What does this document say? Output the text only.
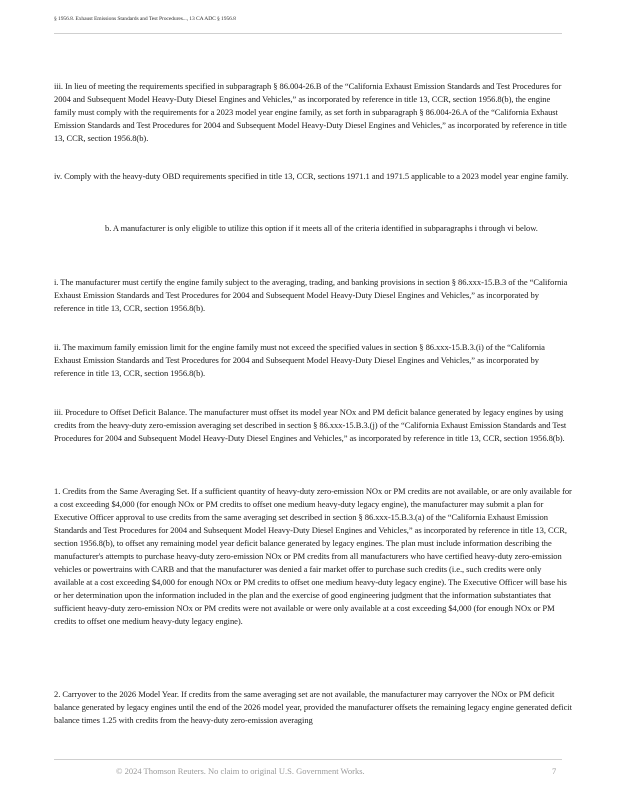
§ 1956.8. Exhaust Emissions Standards and Test Procedures..., 13 CA ADC § 1956.8

iii. In lieu of meeting the requirements specified in subparagraph § 86.004-26.B of the “California Exhaust Emission Standards and Test Procedures for 2004 and Subsequent Model Heavy-Duty Diesel Engines and Vehicles,” as incorporated by reference in title 13, CCR, section 1956.8(b), the engine family must comply with the requirements for a 2023 model year engine family, as set forth in subparagraph § 86.004-26.A of the “California Exhaust Emission Standards and Test Procedures for 2004 and Subsequent Model Heavy-Duty Diesel Engines and Vehicles,” as incorporated by reference in title 13, CCR, section 1956.8(b).

iv. Comply with the heavy-duty OBD requirements specified in title 13, CCR, sections 1971.1 and 1971.5 applicable to a 2023 model year engine family.

b. A manufacturer is only eligible to utilize this option if it meets all of the criteria identified in subparagraphs i through vi below.

i. The manufacturer must certify the engine family subject to the averaging, trading, and banking provisions in section § 86.xxx-15.B.3 of the “California Exhaust Emission Standards and Test Procedures for 2004 and Subsequent Model Heavy-Duty Diesel Engines and Vehicles,” as incorporated by reference in title 13, CCR, section 1956.8(b).

ii. The maximum family emission limit for the engine family must not exceed the specified values in section § 86.xxx-15.B.3.(i) of the “California Exhaust Emission Standards and Test Procedures for 2004 and Subsequent Model Heavy-Duty Diesel Engines and Vehicles,” as incorporated by reference in title 13, CCR, section 1956.8(b).

iii. Procedure to Offset Deficit Balance. The manufacturer must offset its model year NOx and PM deficit balance generated by legacy engines by using credits from the heavy-duty zero-emission averaging set described in section § 86.xxx-15.B.3.(j) of the “California Exhaust Emission Standards and Test Procedures for 2004 and Subsequent Model Heavy-Duty Diesel Engines and Vehicles,” as incorporated by reference in title 13, CCR, section 1956.8(b).

1. Credits from the Same Averaging Set. If a sufficient quantity of heavy-duty zero-emission NOx or PM credits are not available, or are only available for a cost exceeding $4,000 (for enough NOx or PM credits to offset one medium heavy-duty legacy engine), the manufacturer may submit a plan for Executive Officer approval to use credits from the same averaging set described in section § 86.xxx-15.B.3.(a) of the “California Exhaust Emission Standards and Test Procedures for 2004 and Subsequent Model Heavy-Duty Diesel Engines and Vehicles,” as incorporated by reference in title 13, CCR, section 1956.8(b), to offset any remaining model year deficit balance generated by legacy engines. The plan must include information describing the manufacturer's attempts to purchase heavy-duty zero-emission NOx or PM credits from all manufacturers who have certified heavy-duty zero-emission vehicles or powertrains with CARB and that the manufacturer was denied a fair market offer to purchase such credits (i.e., such credits were only available at a cost exceeding $4,000 for enough NOx or PM credits to offset one medium heavy-duty legacy engine). The Executive Officer will base his or her determination upon the information included in the plan and the exercise of good engineering judgment that the information substantiates that sufficient heavy-duty zero-emission NOx or PM credits were not available or were only available at a cost exceeding $4,000 (for enough NOx or PM credits to offset one medium heavy-duty legacy engine).

2. Carryover to the 2026 Model Year. If credits from the same averaging set are not available, the manufacturer may carryover the NOx or PM deficit balance generated by legacy engines until the end of the 2026 model year, provided the manufacturer offsets the remaining legacy engine generated deficit balance times 1.25 with credits from the heavy-duty zero-emission averaging

© 2024 Thomson Reuters. No claim to original U.S. Government Works.	7
